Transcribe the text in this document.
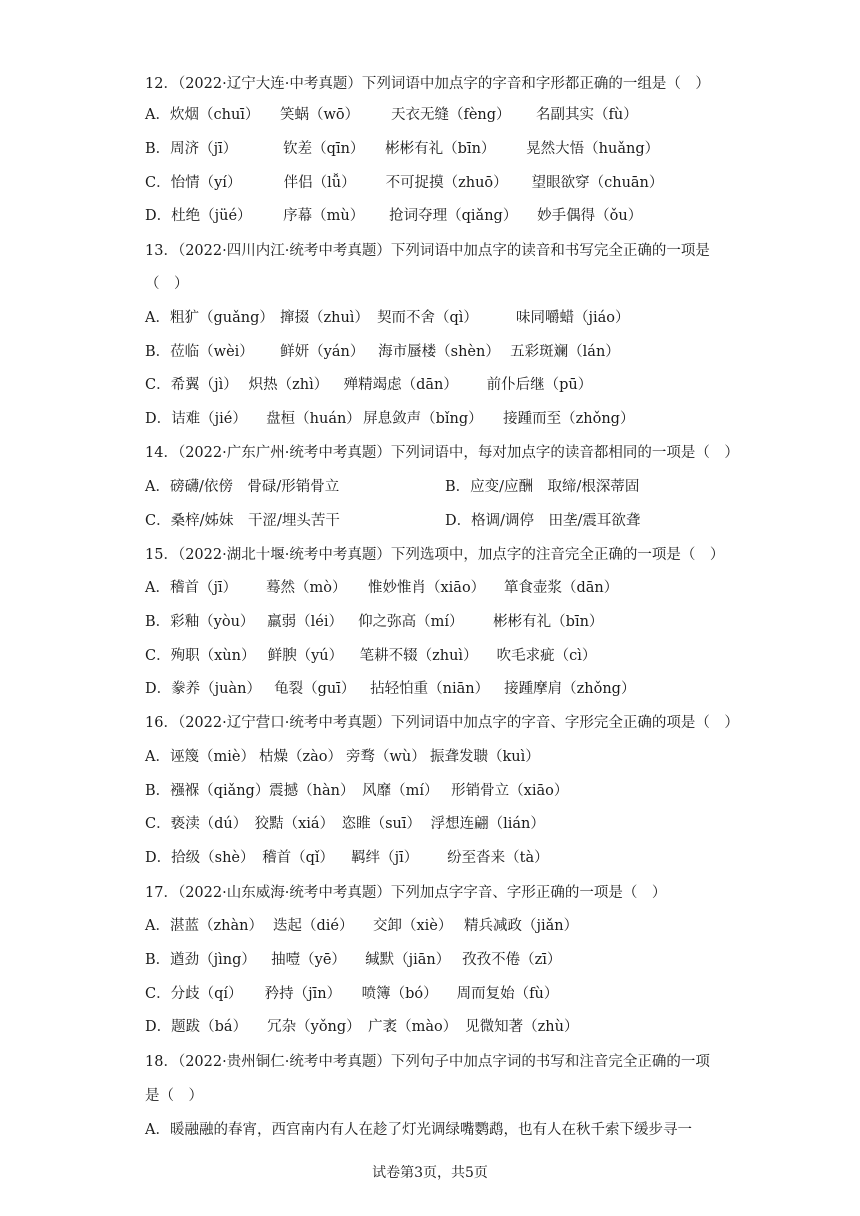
12．（2022·辽宁大连·中考真题）下列词语中加点字的字音和字形都正确的一组是（　）
A．炊烟（chuī） 笑蜗（wō） 天衣无缝（fèng） 名副其实（fù）
B．周济（jī）	钦差（qīn） 彬彬有礼（bīn） 晃然大悟（huǎng）
C．怡情（yí）	伴侣（lǚ） 不可捉摸（zhuō） 望眼欲穿（chuān）
D．杜绝（jüé） 序幕（mù） 抢词夺理（qiǎng） 妙手偶得（ǒu）
13．（2022·四川内江·统考中考真题）下列词语中加点字的读音和书写完全正确的一项是
（　）
A．粗犷（guǎng） 撺掇（zhuì） 契而不舍（qì）	味同嚼蜡（jiáo）
B．莅临（wèi） 鲜妍（yán） 海市蜃楼（shèn） 五彩斑斓（lán）
C．希翼（jì） 炽热（zhì） 殚精竭虑（dān） 前仆后继（pū）
D．诘难（jié） 盘桓（huán） 屏息敛声（bǐng） 接踵而至（zhǒng）
14．（2022·广东广州·统考中考真题）下列词语中，每对加点字的读音都相同的一项是（　）
A．磅礴/依傍　骨碌/形销骨立	B．应变/应酬　取缔/根深蒂固
C．桑梓/姊妹　干涩/埋头苦干	D．格调/调停　田垄/震耳欲聋
15．（2022·湖北十堰·统考中考真题）下列选项中，加点字的注音完全正确的一项是（　）
A．稽首（jī） 蓦然（mò） 惟妙惟肖（xiāo） 箪食壶浆（dān）
B．彩釉（yòu） 羸弱（léi） 仰之弥高（mí） 彬彬有礼（bīn）
C．殉职（xùn） 鲜腴（yú） 笔耕不辍（zhuì） 吹毛求疵（cì）
D．豢养（juàn） 龟裂（guī） 拈轻怕重（niān） 接踵摩肩（zhǒng）
16．（2022·辽宁营口·统考中考真题）下列词语中加点字的字音、字形完全正确的项是（　）
A．诬篾（miè） 枯燥（zào） 旁骛（wù） 振聋发聩（kuì）
B．襁褓（qiǎng）震撼（hàn） 风靡（mí） 形销骨立（xiāo）
C．亵渎（dú） 狡黠（xiá） 恣睢（suī） 浮想连翩（lián）
D．拾级（shè） 稽首（qǐ） 羁绊（jī） 纷至沓来（tà）
17．（2022·山东威海·统考中考真题）下列加点字字音、字形正确的一项是（　）
A．湛蓝（zhàn） 迭起（dié） 交卸（xiè） 精兵减政（jiǎn）
B．遒劲（jìng） 抽噎（yē） 缄默（jiān） 孜孜不倦（zī）
C．分歧（qí） 矜持（jīn） 喷簿（bó） 周而复始（fù）
D．题跋（bá） 冗杂（yǒng） 广袤（mào） 见微知著（zhù）
18．（2022·贵州铜仁·统考中考真题）下列句子中加点字词的书写和注音完全正确的一项
是（　）
A．暖融融的春宵，西宫南内有人在趁了灯光调绿嘴鹦鹉，也有人在秋千索下缓步寻一
试卷第3页，共5页
